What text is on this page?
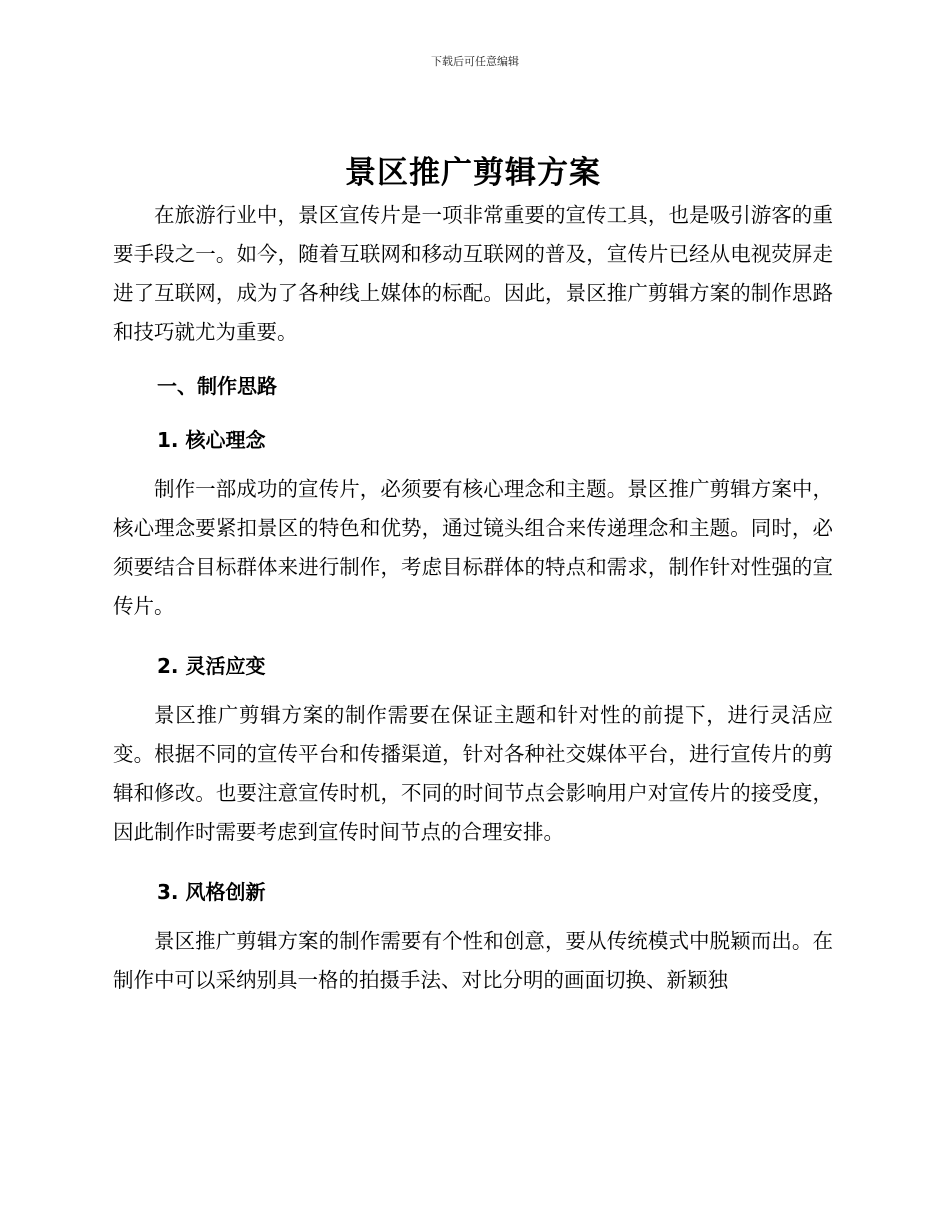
下载后可任意编辑
景区推广剪辑方案

在旅游行业中，景区宣传片是一项非常重要的宣传工具，也是吸引游客的重要手段之一。如今，随着互联网和移动互联网的普及，宣传片已经从电视荧屏走进了互联网，成为了各种线上媒体的标配。因此，景区推广剪辑方案的制作思路和技巧就尤为重要。

一、制作思路
1. 核心理念

制作一部成功的宣传片，必须要有核心理念和主题。景区推广剪辑方案中，核心理念要紧扣景区的特色和优势，通过镜头组合来传递理念和主题。同时，必须要结合目标群体来进行制作，考虑目标群体的特点和需求，制作针对性强的宣传片。

2. 灵活应变

景区推广剪辑方案的制作需要在保证主题和针对性的前提下，进行灵活应变。根据不同的宣传平台和传播渠道，针对各种社交媒体平台，进行宣传片的剪辑和修改。也要注意宣传时机，不同的时间节点会影响用户对宣传片的接受度，因此制作时需要考虑到宣传时间节点的合理安排。

3. 风格创新

景区推广剪辑方案的制作需要有个性和创意，要从传统模式中脱颖而出。在制作中可以采纳别具一格的拍摄手法、对比分明的画面切换、新颖独
